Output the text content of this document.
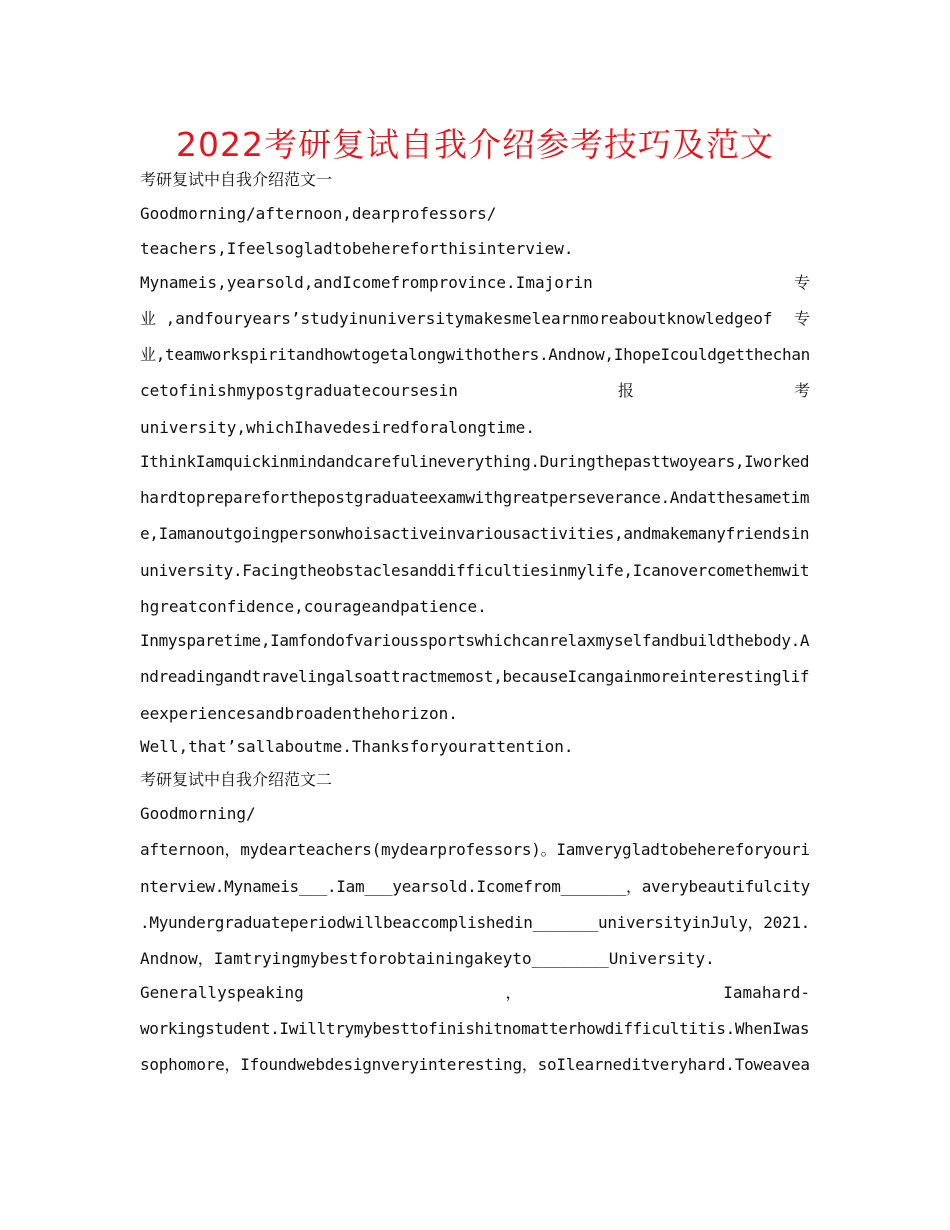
2022考研复试自我介绍参考技巧及范文
考研复试中自我介绍范文一
Goodmorning/afternoon,dearprofessors/
teachers,Ifeelsogladtobehereforthisinterview.
Mynameis,yearsold,andIcomefromprovince.Imajorin	专
业 ,andfouryears’studyinuniversitymakesmelearnmoreaboutknowledgeof 专
业,teamworkspiritandhowtogetalongwithothers.Andnow,IhopeIcouldgetthechan
cetofinishmypostgraduatecoursesin	报	考
university,whichIhavedesiredforalongtime.
IthinkIamquickinmindandcarefulineverything.Duringthepasttwoyears,Iworked
hardtoprepareforthepostgraduateexamwithgreatperseverance.Andatthesametim
e,Iamanoutgoingpersonwhoisactiveinvariousactivities,andmakemanyfriendsin
university.Facingtheobstaclesanddifficultiesinmylife,Icanovercomethemwit
hgreatconfidence,courageandpatience.
Inmysparetime,Iamfondofvarioussportswhichcanrelaxmyselfandbuildthebody.A
ndreadingandtravelingalsoattractmemost,becauseIcangainmoreinterestinglif
eexperiencesandbroadenthehorizon.
Well,that’sallaboutme.Thanksforyourattention.
考研复试中自我介绍范文二
Goodmorning/
afternoon，mydearteachers(mydearprofessors)。Iamverygladtobehereforyouri
nterview.Mynameis___.Iam___yearsold.Icomefrom_______，averybeautifulcity
.Myundergraduateperiodwillbeaccomplishedin_______universityinJuly，2021.
Andnow，Iamtryingmybestforobtainingakeyto________University.
Generallyspeaking	，	Iamahard-
workingstudent.Iwilltrymybesttofinishitnomatterhowdifficultitis.WhenIwas
sophomore，Ifoundwebdesignveryinteresting，soIlearneditveryhard.Toweavea
